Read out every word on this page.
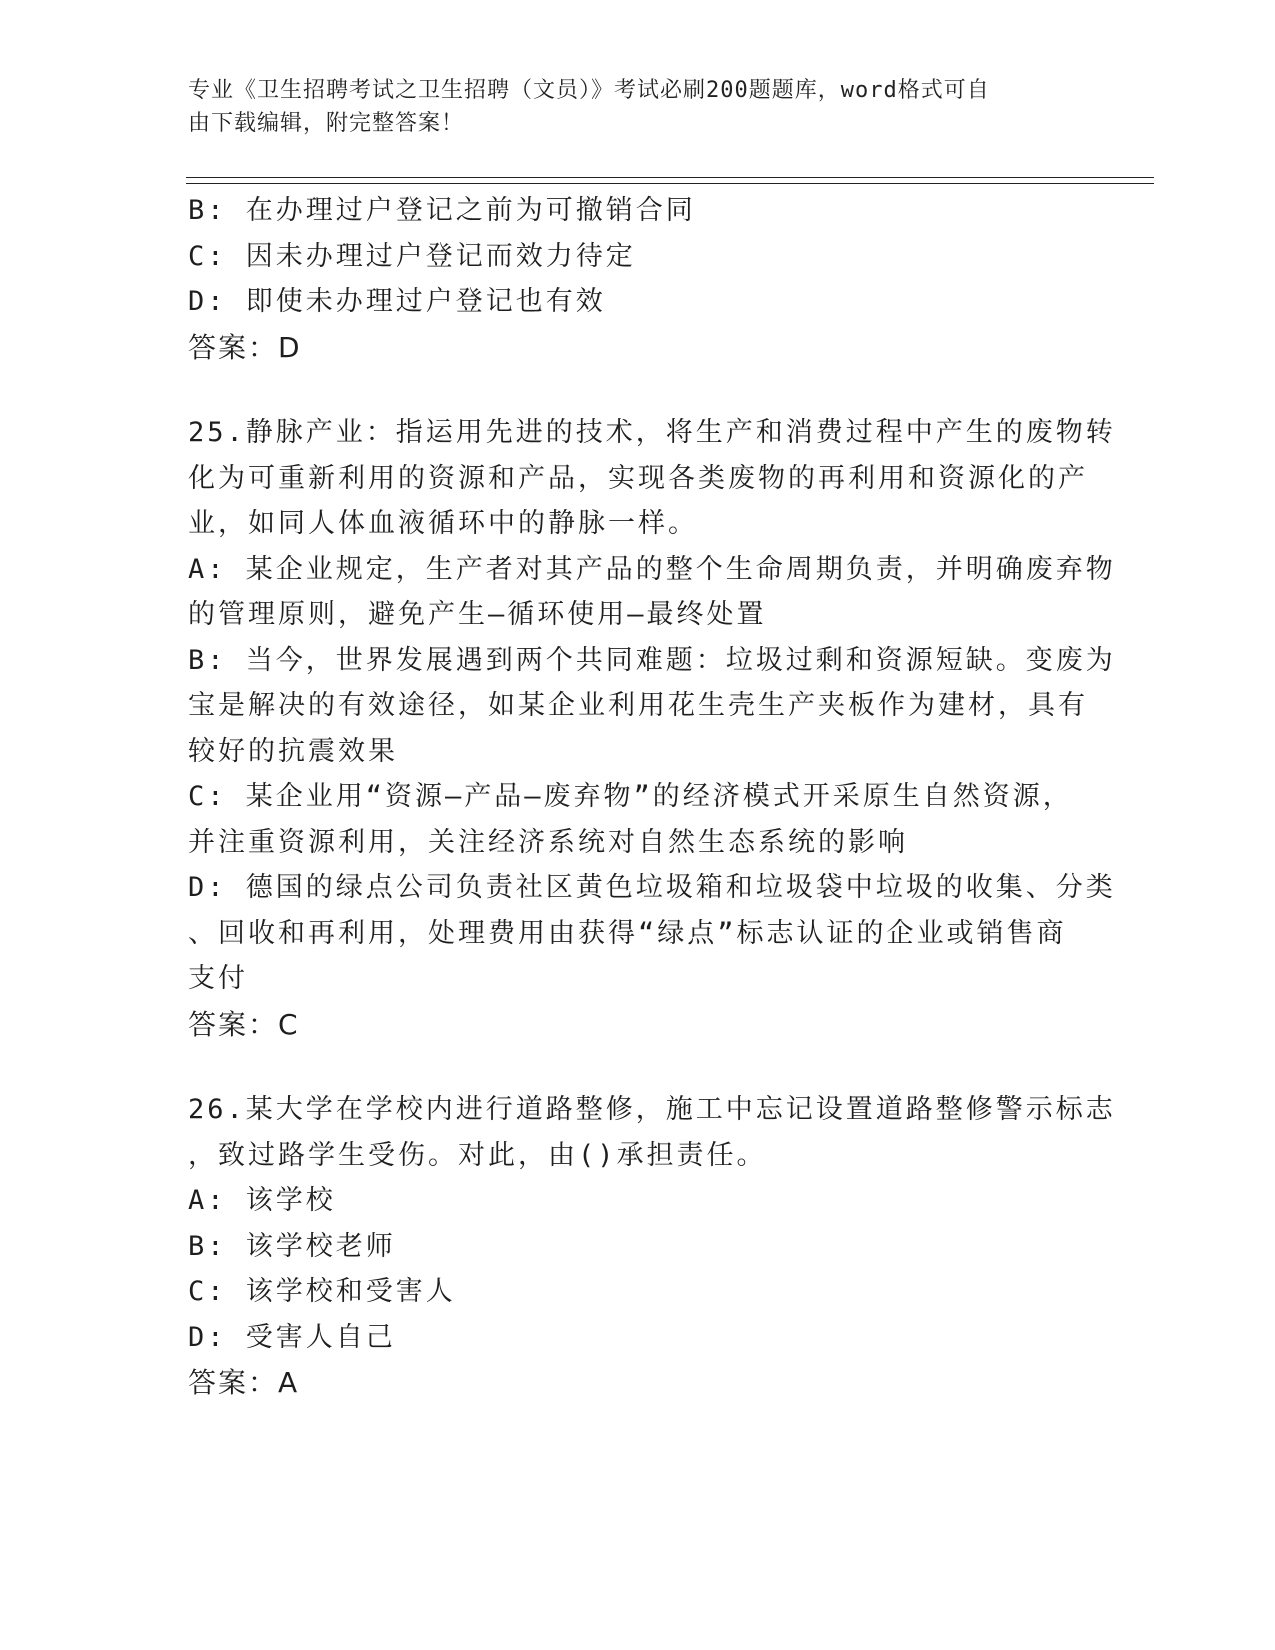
专业《卫生招聘考试之卫生招聘（文员）》考试必刷200题题库，word格式可自
由下载编辑，附完整答案！
B: 在办理过户登记之前为可撤销合同
C: 因未办理过户登记而效力待定
D: 即使未办理过户登记也有效
答案：D
25.静脉产业：指运用先进的技术，将生产和消费过程中产生的废物转
化为可重新利用的资源和产品，实现各类废物的再利用和资源化的产
业，如同人体血液循环中的静脉一样。
A: 某企业规定，生产者对其产品的整个生命周期负责，并明确废弃物
的管理原则，避免产生—循环使用—最终处置
B: 当今，世界发展遇到两个共同难题：垃圾过剩和资源短缺。变废为
宝是解决的有效途径，如某企业利用花生壳生产夹板作为建材，具有
较好的抗震效果
C: 某企业用“资源—产品—废弃物”的经济模式开采原生自然资源，
并注重资源利用，关注经济系统对自然生态系统的影响
D: 德国的绿点公司负责社区黄色垃圾箱和垃圾袋中垃圾的收集、分类
、回收和再利用，处理费用由获得“绿点”标志认证的企业或销售商
支付
答案：C
26.某大学在学校内进行道路整修，施工中忘记设置道路整修警示标志
，致过路学生受伤。对此，由()承担责任。
A: 该学校
B: 该学校老师
C: 该学校和受害人
D: 受害人自己
答案：A
